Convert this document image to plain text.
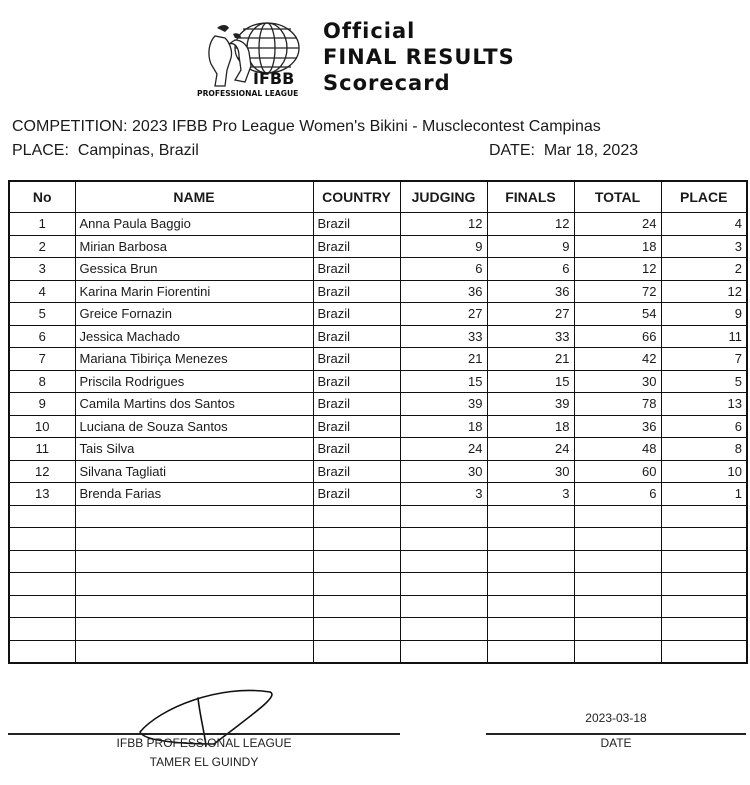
IFBB
PROFESSIONAL LEAGUE
Official
FINAL RESULTS
Scorecard
COMPETITION: 2023 IFBB Pro League Women's Bikini - Musclecontest Campinas
PLACE: Campinas, Brazil	DATE: Mar 18, 2023
No	NAME	COUNTRY	JUDGING	FINALS	TOTAL	PLACE
1	Anna Paula Baggio	Brazil	12	12	24	4
2	Mirian Barbosa	Brazil	9	9	18	3
3	Gessica Brun	Brazil	6	6	12	2
4	Karina Marin Fiorentini	Brazil	36	36	72	12
5	Greice Fornazin	Brazil	27	27	54	9
6	Jessica Machado	Brazil	33	33	66	11
7	Mariana Tibiriça Menezes	Brazil	21	21	42	7
8	Priscila Rodrigues	Brazil	15	15	30	5
9	Camila Martins dos Santos	Brazil	39	39	78	13
10	Luciana de Souza Santos	Brazil	18	18	36	6
11	Tais Silva	Brazil	24	24	48	8
12	Silvana Tagliati	Brazil	30	30	60	10
13	Brenda Farias	Brazil	3	3	6	1

IFBB PROFESSIONAL LEAGUE
TAMER EL GUINDY
2023-03-18
DATE
